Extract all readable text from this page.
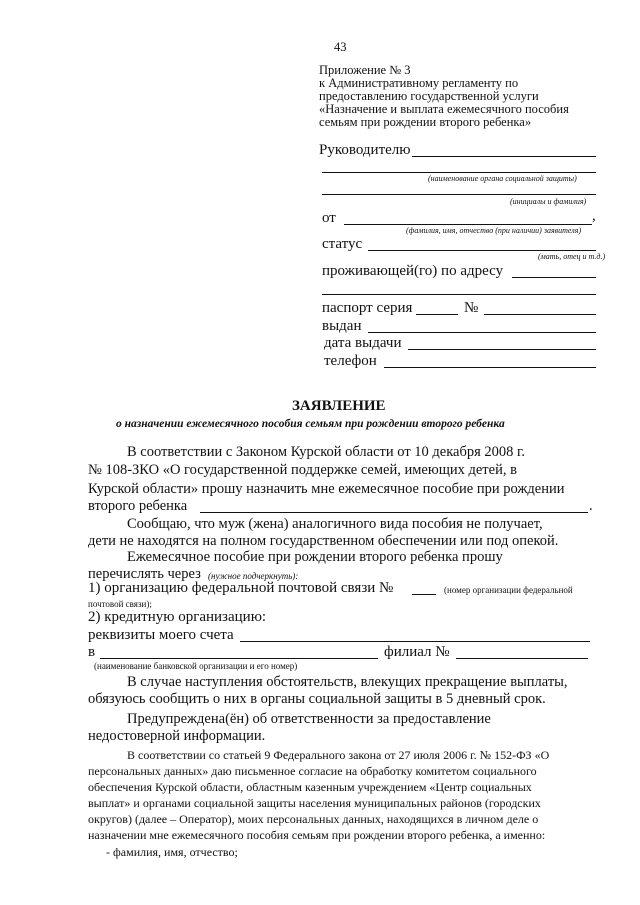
43
Приложение № 3
к Административному регламенту по
предоставлению государственной услуги
«Назначение и выплата ежемесячного пособия
семьям при рождении второго ребенка»
Руководителю
(наименование органа социальной защиты)
(инициалы и фамилия)
от	,
(фамилия, имя, отчество (при наличии) заявителя)
статус
(мать, отец и т.д.)
проживающей(го) по адресу
паспорт серия	№
выдан
дата выдачи
телефон
ЗАЯВЛЕНИЕ
о назначении ежемесячного пособия семьям при рождении второго ребенка
В соответствии с Законом Курской области от 10 декабря 2008 г.
№ 108-ЗКО «О государственной поддержке семей, имеющих детей, в
Курской области» прошу назначить мне ежемесячное пособие при рождении
второго ребенка	.
Сообщаю, что муж (жена) аналогичного вида пособия не получает,
дети не находятся на полном государственном обеспечении или под опекой.
Ежемесячное пособие при рождении второго ребенка прошу
перечислять через (нужное подчеркнуть):
1) организацию федеральной почтовой связи №	(номер организации федеральной
почтовой связи);
2) кредитную организацию:
реквизиты моего счета
в	филиал №
(наименование банковской организации и его номер)
В случае наступления обстоятельств, влекущих прекращение выплаты,
обязуюсь сообщить о них в органы социальной защиты в 5 дневный срок.
Предупреждена(ён) об ответственности за предоставление
недостоверной информации.
В соответствии со статьей 9 Федерального закона от 27 июля 2006 г. № 152-ФЗ «О
персональных данных» даю письменное согласие на обработку комитетом социального
обеспечения Курской области, областным казенным учреждением «Центр социальных
выплат» и органами социальной защиты населения муниципальных районов (городских
округов) (далее – Оператор), моих персональных данных, находящихся в личном деле о
назначении мне ежемесячного пособия семьям при рождении второго ребенка, а именно:
- фамилия, имя, отчество;
